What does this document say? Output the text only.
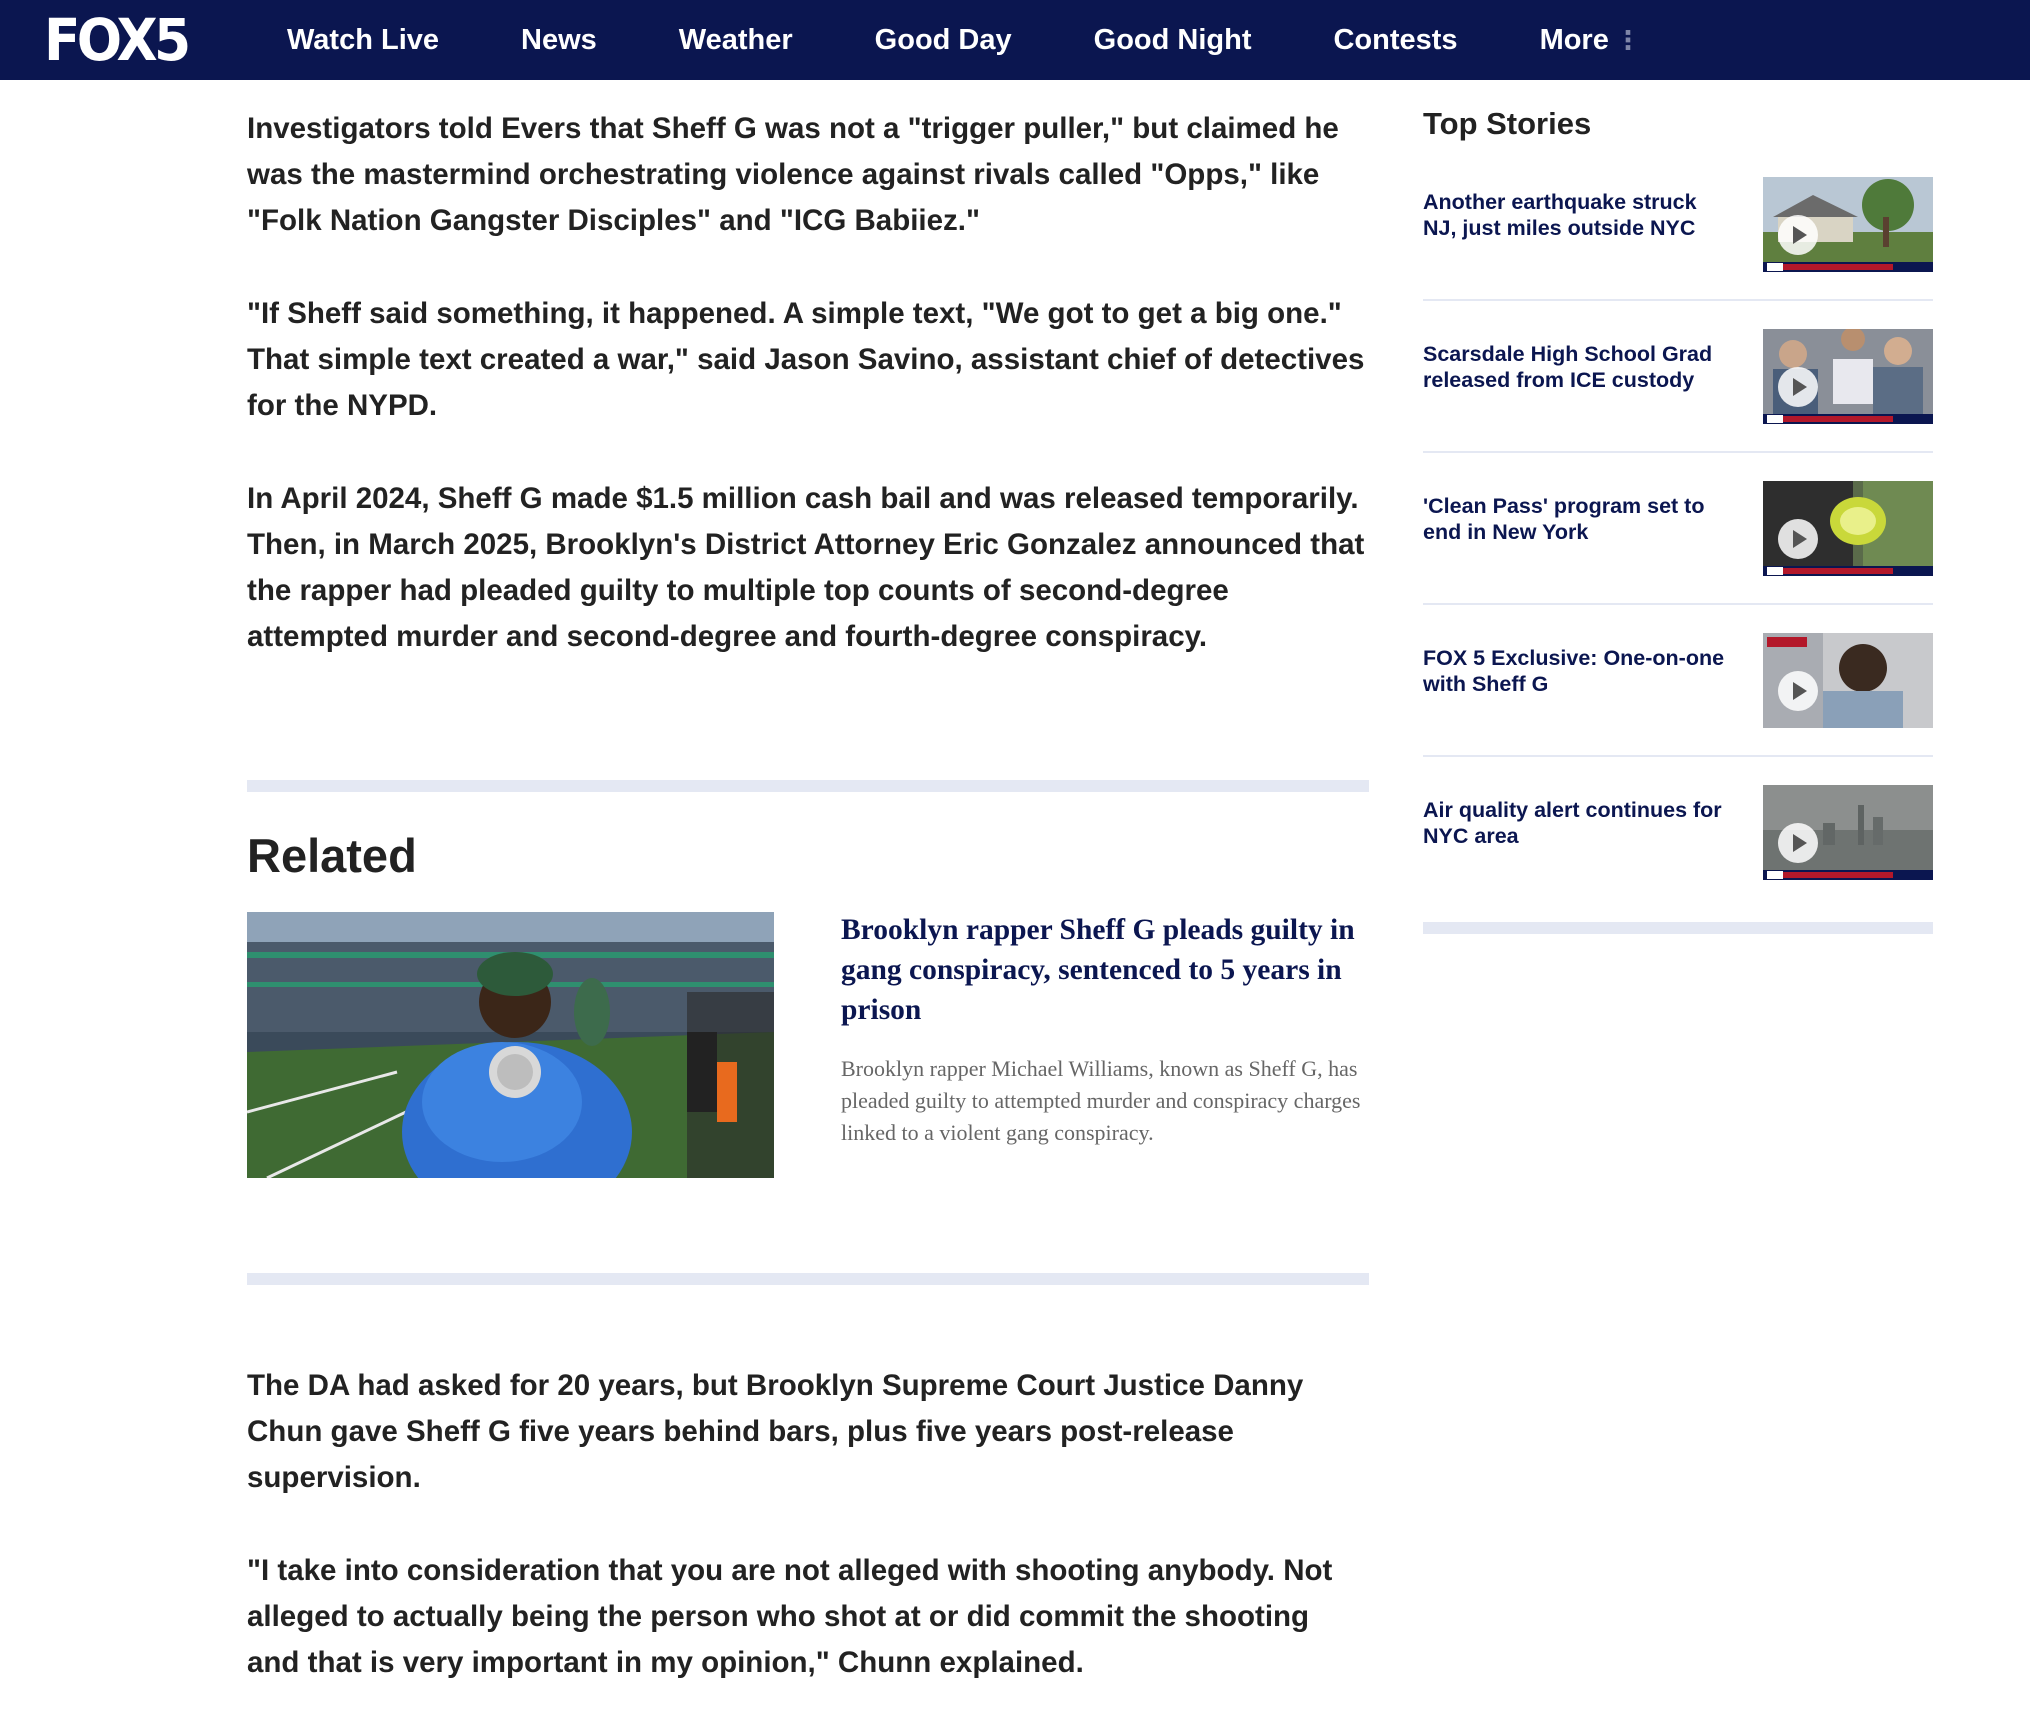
FOX5	Watch Live	News	Weather	Good Day	Good Night	Contests	More ⋮

Investigators told Evers that Sheff G was not a "trigger puller," but claimed he was the mastermind orchestrating violence against rivals called "Opps," like "Folk Nation Gangster Disciples" and "ICG Babiiez."

"If Sheff said something, it happened. A simple text, "We got to get a big one." That simple text created a war," said Jason Savino, assistant chief of detectives for the NYPD.

In April 2024, Sheff G made $1.5 million cash bail and was released temporarily. Then, in March 2025, Brooklyn's District Attorney Eric Gonzalez announced that the rapper had pleaded guilty to multiple top counts of second-degree attempted murder and second-degree and fourth-degree conspiracy.

Related
Brooklyn rapper Sheff G pleads guilty in gang conspiracy, sentenced to 5 years in prison
Brooklyn rapper Michael Williams, known as Sheff G, has pleaded guilty to attempted murder and conspiracy charges linked to a violent gang conspiracy.

The DA had asked for 20 years, but Brooklyn Supreme Court Justice Danny Chun gave Sheff G five years behind bars, plus five years post-release supervision.

"I take into consideration that you are not alleged with shooting anybody. Not alleged to actually being the person who shot at or did commit the shooting and that is very important in my opinion," Chunn explained.

Top Stories
Another earthquake struck NJ, just miles outside NYC
Scarsdale High School Grad released from ICE custody
'Clean Pass' program set to end in New York
FOX 5 Exclusive: One-on-one with Sheff G
Air quality alert continues for NYC area
